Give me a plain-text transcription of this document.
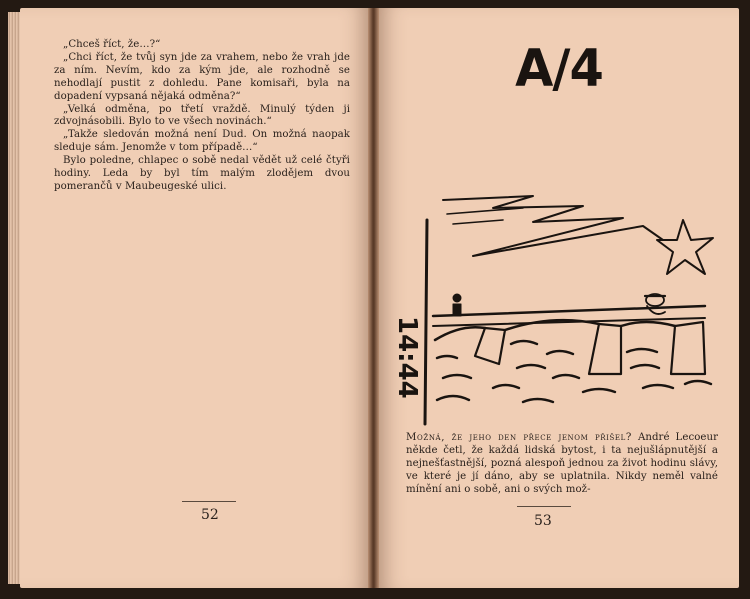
„Chceš říct, že…?“

„Chci říct, že tvůj syn jde za vrahem, nebo že vrah jde za ním. Nevím, kdo za kým jde, ale rozhodně se nehodlají pustit z dohledu. Pane komisaři, byla na dopadení vypsaná nějaká odměna?“

„Velká odměna, po třetí vraždě. Minulý týden ji zdvojnásobili. Bylo to ve všech novinách.“

„Takže sledován možná není Dud. On možná naopak sleduje sám. Jenomže v tom případě…“

Bylo poledne, chlapec o sobě nedal vědět už celé čtyři hodiny. Leda by byl tím malým zlodějem dvou pomerančů v Maubeugeské ulici.

52
A/4
14:44

Možná, že jeho den přece jenom přišel? André Lecoeur někde četl, že každá lidská bytost, i ta nejušlápnutější a nejnešťastnější, pozná alespoň jednou za život hodinu slávy, ve které je jí dáno, aby se uplatnila. Nikdy neměl valné mínění ani o sobě, ani o svých mož-

53
